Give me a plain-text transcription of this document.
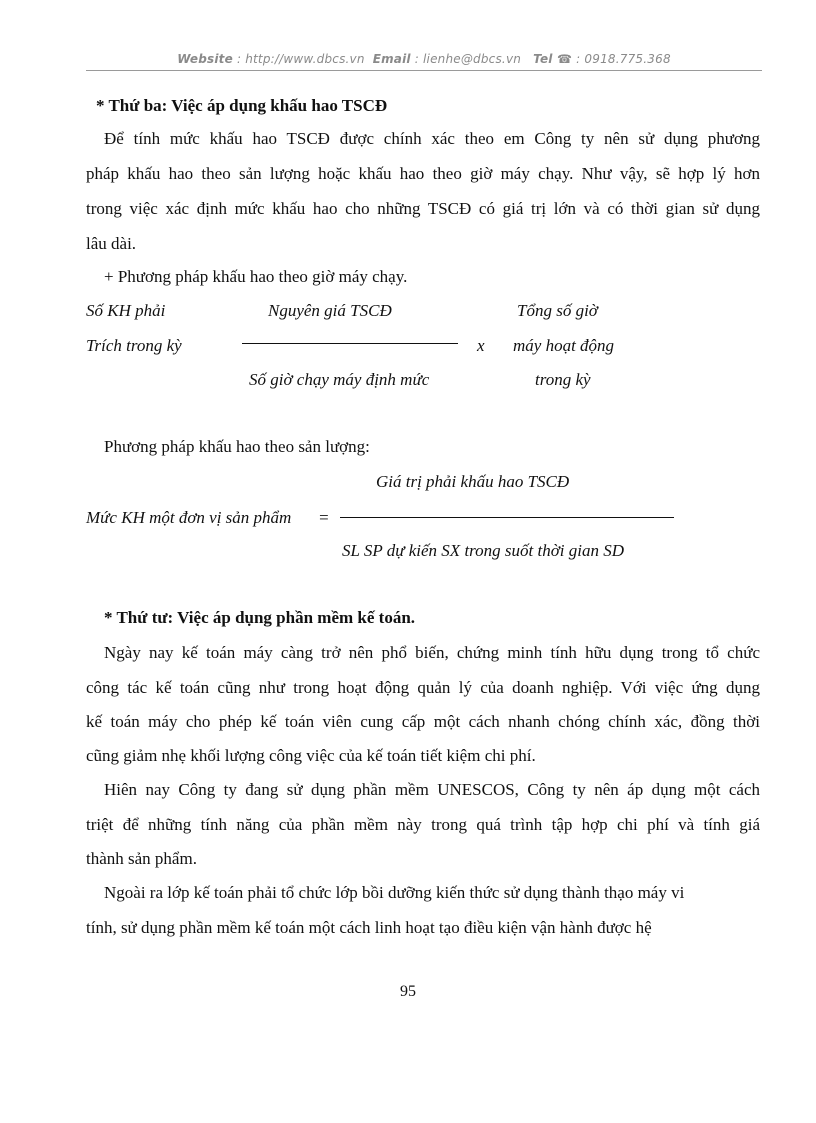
Website : http://www.dbcs.vn Email : lienhe@dbcs.vn Tel ☎ : 0918.775.368
* Thứ ba: Việc áp dụng khấu hao TSCĐ
Để tính mức khấu hao TSCĐ được chính xác theo em Công ty nên sử dụng phương
pháp khấu hao theo sản lượng hoặc khấu hao theo giờ máy chạy. Như vậy, sẽ hợp lý hơn
trong việc xác định mức khấu hao cho những TSCĐ có giá trị lớn và có thời gian sử dụng
lâu dài.
+ Phương pháp khấu hao theo giờ máy chạy.
Số KH phải
Trích trong kỳ
Nguyên giá TSCĐ
Số giờ chạy máy định mức
x
Tổng số giờ
máy hoạt động
trong kỳ
Phương pháp khấu hao theo sản lượng:
Giá trị phải khấu hao TSCĐ
Mức KH một đơn vị sản phẩm =
SL SP dự kiến SX trong suốt thời gian SD
* Thứ tư: Việc áp dụng phần mềm kế toán.
Ngày nay kế toán máy càng trở nên phổ biến, chứng minh tính hữu dụng trong tổ chức
công tác kế toán cũng như trong hoạt động quản lý của doanh nghiệp. Với việc ứng dụng
kế toán máy cho phép kế toán viên cung cấp một cách nhanh chóng chính xác, đồng thời
cũng giảm nhẹ khối lượng công việc của kế toán tiết kiệm chi phí.
Hiên nay Công ty đang sử dụng phần mềm UNESCOS, Công ty nên áp dụng một cách
triệt để những tính năng của phần mềm này trong quá trình tập hợp chi phí và tính giá
thành sản phẩm.
Ngoài ra lớp kế toán phải tổ chức lớp bồi dưỡng kiến thức sử dụng thành thạo máy vi
tính, sử dụng phần mềm kế toán một cách linh hoạt tạo điều kiện vận hành được hệ
95
